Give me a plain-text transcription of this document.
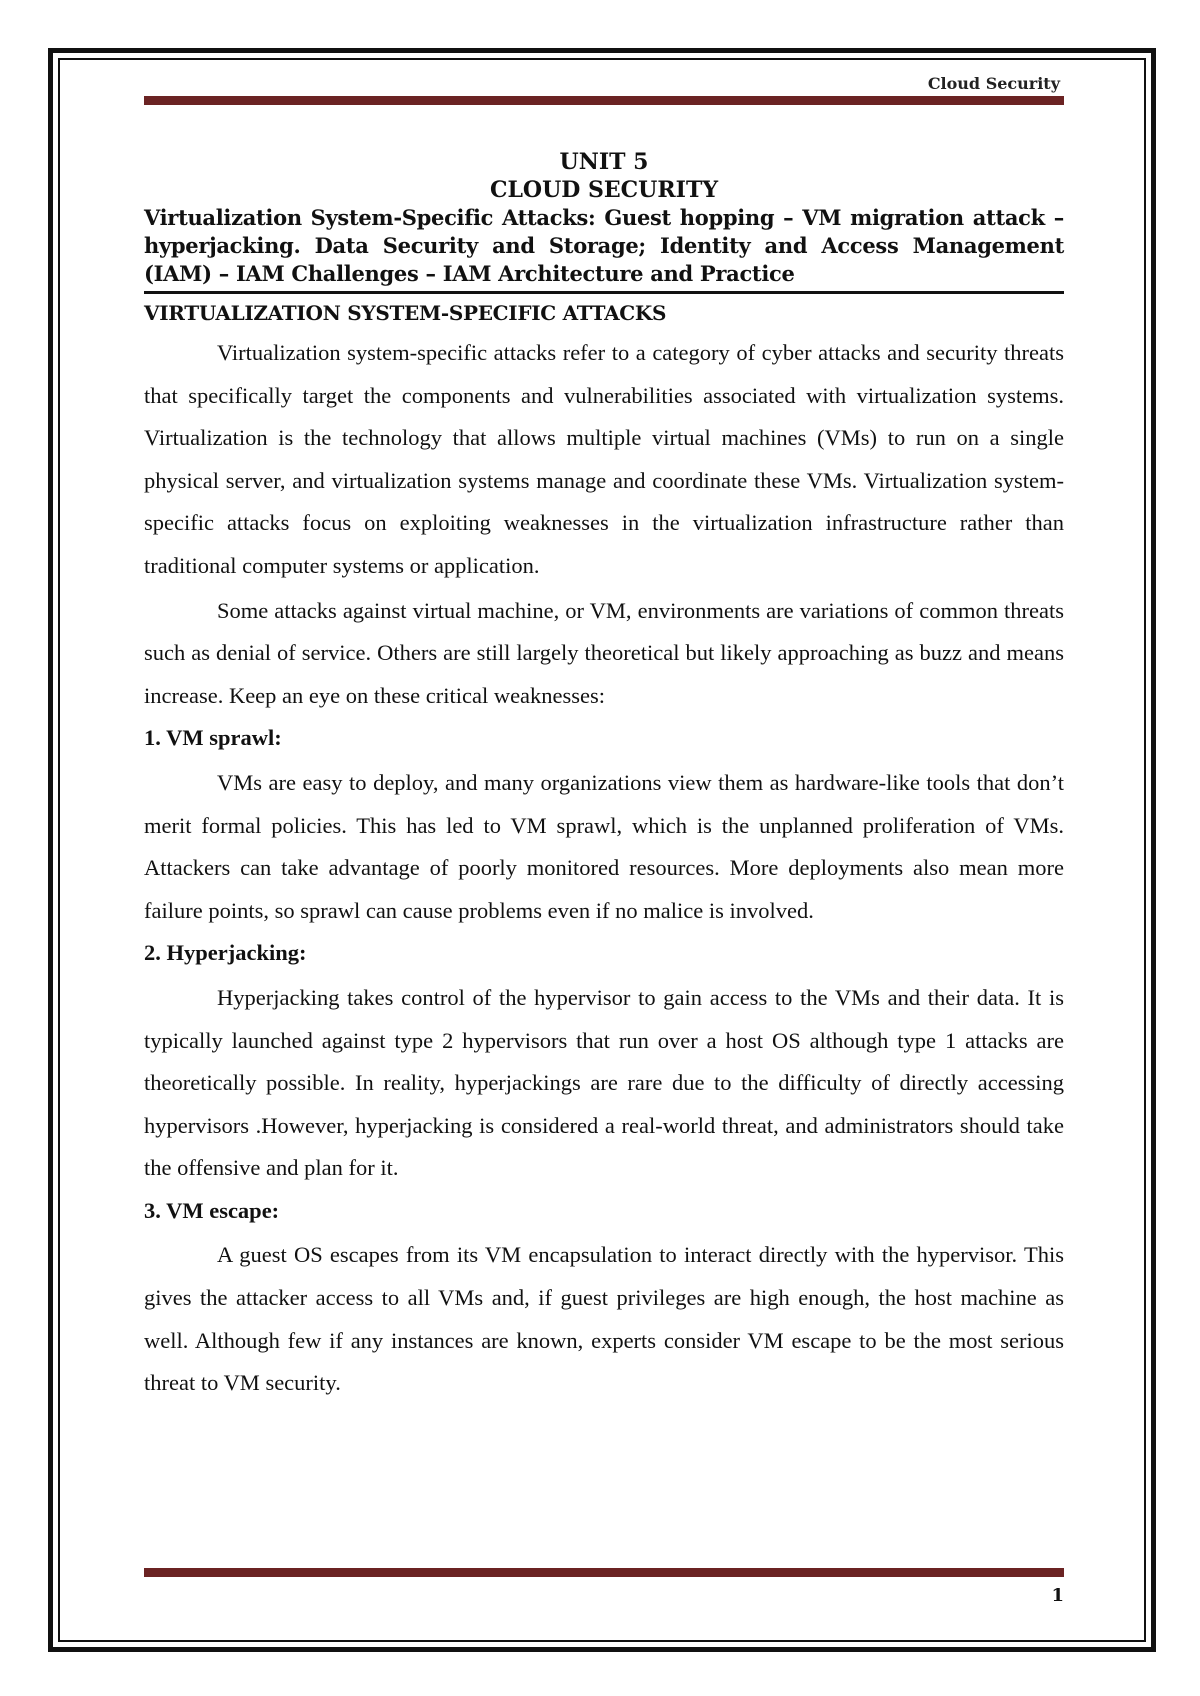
Cloud Security
UNIT 5
CLOUD SECURITY
Virtualization System-Specific Attacks: Guest hopping – VM migration attack – hyperjacking. Data Security and Storage; Identity and Access Management (IAM) – IAM Challenges – IAM Architecture and Practice
VIRTUALIZATION SYSTEM-SPECIFIC ATTACKS

Virtualization system-specific attacks refer to a category of cyber attacks and security threats that specifically target the components and vulnerabilities associated with virtualization systems. Virtualization is the technology that allows multiple virtual machines (VMs) to run on a single physical server, and virtualization systems manage and coordinate these VMs. Virtualization system-specific attacks focus on exploiting weaknesses in the virtualization infrastructure rather than traditional computer systems or application.

Some attacks against virtual machine, or VM, environments are variations of common threats such as denial of service. Others are still largely theoretical but likely approaching as buzz and means increase. Keep an eye on these critical weaknesses:

1. VM sprawl:

VMs are easy to deploy, and many organizations view them as hardware-like tools that don’t merit formal policies. This has led to VM sprawl, which is the unplanned proliferation of VMs. Attackers can take advantage of poorly monitored resources. More deployments also mean more failure points, so sprawl can cause problems even if no malice is involved.

2. Hyperjacking:

Hyperjacking takes control of the hypervisor to gain access to the VMs and their data. It is typically launched against type 2 hypervisors that run over a host OS although type 1 attacks are theoretically possible. In reality, hyperjackings are rare due to the difficulty of directly accessing hypervisors .However, hyperjacking is considered a real-world threat, and administrators should take the offensive and plan for it.

3. VM escape:

A guest OS escapes from its VM encapsulation to interact directly with the hypervisor. This gives the attacker access to all VMs and, if guest privileges are high enough, the host machine as well. Although few if any instances are known, experts consider VM escape to be the most serious threat to VM security.

1
